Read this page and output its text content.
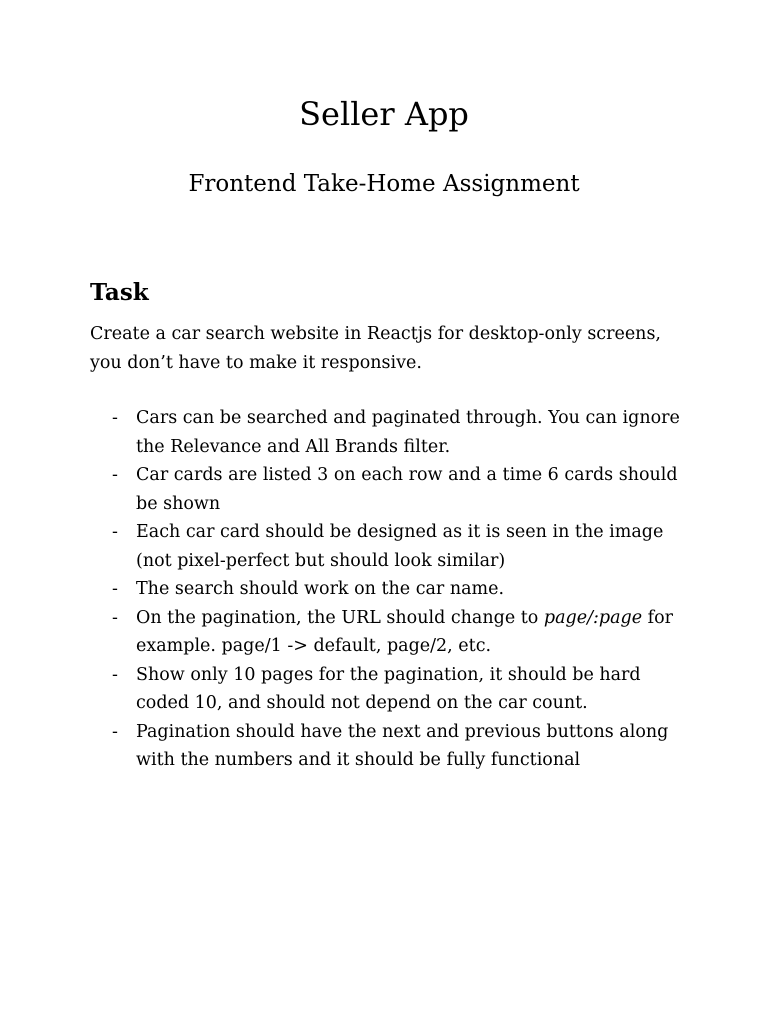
Seller App
Frontend Take-Home Assignment
Task

Create a car search website in Reactjs for desktop-only screens, you don’t have to make it responsive.

- Cars can be searched and paginated through. You can ignore the Relevance and All Brands filter.
- Car cards are listed 3 on each row and a time 6 cards should be shown
- Each car card should be designed as it is seen in the image (not pixel-perfect but should look similar)
- The search should work on the car name.
- On the pagination, the URL should change to page/:page for example. page/1 -> default, page/2, etc.
- Show only 10 pages for the pagination, it should be hard coded 10, and should not depend on the car count.
- Pagination should have the next and previous buttons along with the numbers and it should be fully functional
